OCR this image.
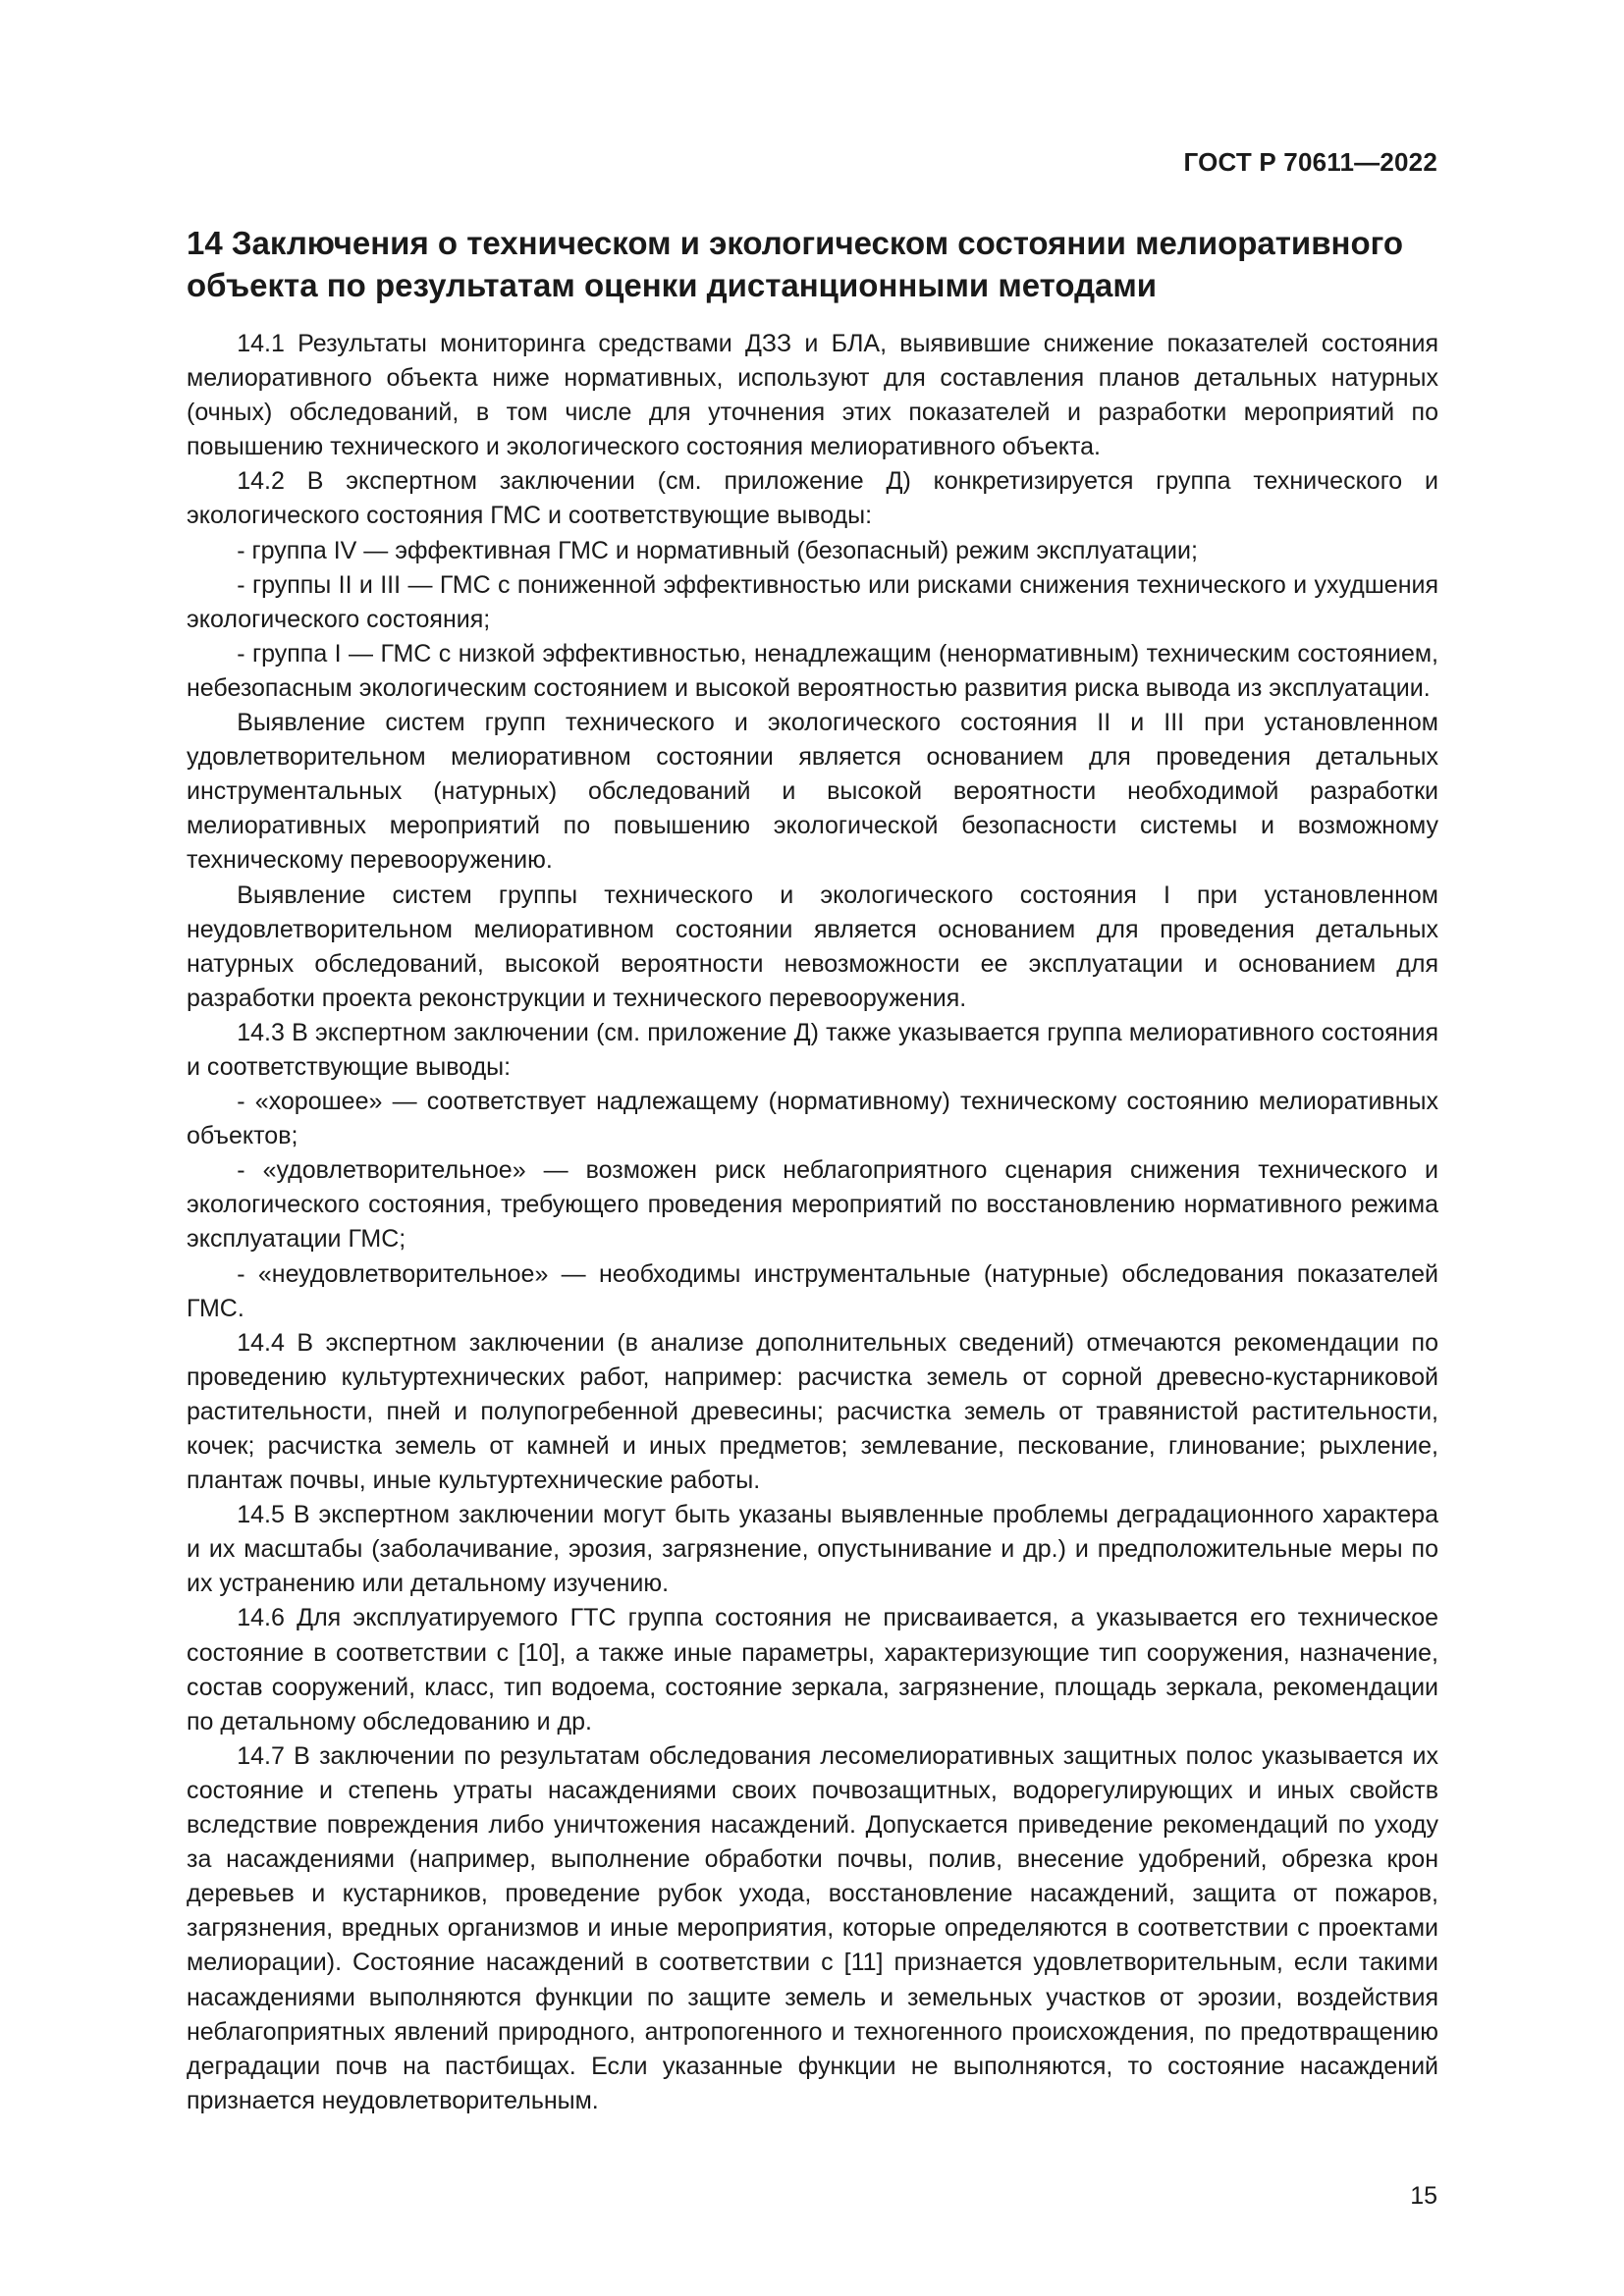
ГОСТ Р 70611—2022
14 Заключения о техническом и экологическом состоянии мелиоративного объекта по результатам оценки дистанционными методами

14.1 Результаты мониторинга средствами ДЗЗ и БЛА, выявившие снижение показателей состояния мелиоративного объекта ниже нормативных, используют для составления планов детальных натурных (очных) обследований, в том числе для уточнения этих показателей и разработки мероприятий по повышению технического и экологического состояния мелиоративного объекта.

14.2 В экспертном заключении (см. приложение Д) конкретизируется группа технического и экологического состояния ГМС и соответствующие выводы:

- группа IV — эффективная ГМС и нормативный (безопасный) режим эксплуатации;

- группы II и III — ГМС с пониженной эффективностью или рисками снижения технического и ухудшения экологического состояния;

- группа I — ГМС с низкой эффективностью, ненадлежащим (ненормативным) техническим состоянием, небезопасным экологическим состоянием и высокой вероятностью развития риска вывода из эксплуатации.

Выявление систем групп технического и экологического состояния II и III при установленном удовлетворительном мелиоративном состоянии является основанием для проведения детальных инструментальных (натурных) обследований и высокой вероятности необходимой разработки мелиоративных мероприятий по повышению экологической безопасности системы и возможному техническому перевооружению.

Выявление систем группы технического и экологического состояния I при установленном неудовлетворительном мелиоративном состоянии является основанием для проведения детальных натурных обследований, высокой вероятности невозможности ее эксплуатации и основанием для разработки проекта реконструкции и технического перевооружения.

14.3 В экспертном заключении (см. приложение Д) также указывается группа мелиоративного состояния и соответствующие выводы:

- «хорошее» — соответствует надлежащему (нормативному) техническому состоянию мелиоративных объектов;

- «удовлетворительное» — возможен риск неблагоприятного сценария снижения технического и экологического состояния, требующего проведения мероприятий по восстановлению нормативного режима эксплуатации ГМС;

- «неудовлетворительное» — необходимы инструментальные (натурные) обследования показателей ГМС.

14.4 В экспертном заключении (в анализе дополнительных сведений) отмечаются рекомендации по проведению культуртехнических работ, например: расчистка земель от сорной древесно-кустарниковой растительности, пней и полупогребенной древесины; расчистка земель от травянистой растительности, кочек; расчистка земель от камней и иных предметов; землевание, пескование, глинование; рыхление, плантаж почвы, иные культуртехнические работы.

14.5 В экспертном заключении могут быть указаны выявленные проблемы деградационного характера и их масштабы (заболачивание, эрозия, загрязнение, опустынивание и др.) и предположительные меры по их устранению или детальному изучению.

14.6 Для эксплуатируемого ГТС группа состояния не присваивается, а указывается его техническое состояние в соответствии с [10], а также иные параметры, характеризующие тип сооружения, назначение, состав сооружений, класс, тип водоема, состояние зеркала, загрязнение, площадь зеркала, рекомендации по детальному обследованию и др.

14.7 В заключении по результатам обследования лесомелиоративных защитных полос указывается их состояние и степень утраты насаждениями своих почвозащитных, водорегулирующих и иных свойств вследствие повреждения либо уничтожения насаждений. Допускается приведение рекомендаций по уходу за насаждениями (например, выполнение обработки почвы, полив, внесение удобрений, обрезка крон деревьев и кустарников, проведение рубок ухода, восстановление насаждений, защита от пожаров, загрязнения, вредных организмов и иные мероприятия, которые определяются в соответствии с проектами мелиорации). Состояние насаждений в соответствии с [11] признается удовлетворительным, если такими насаждениями выполняются функции по защите земель и земельных участков от эрозии, воздействия неблагоприятных явлений природного, антропогенного и техногенного происхождения, по предотвращению деградации почв на пастбищах. Если указанные функции не выполняются, то состояние насаждений признается неудовлетворительным.

15
